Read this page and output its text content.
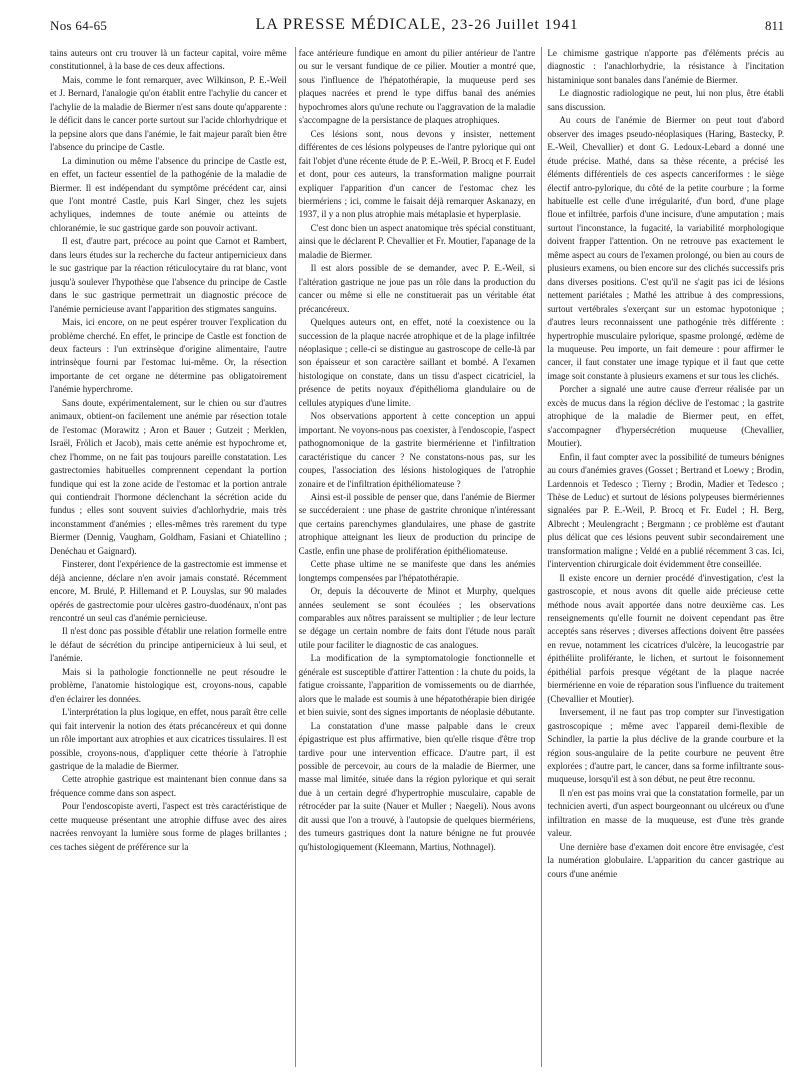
Nos 64-65	LA PRESSE MÉDICALE, 23-26 Juillet 1941	811

tains auteurs ont cru trouver là un facteur capital, voire même constitutionnel, à la base de ces deux affections.

Mais, comme le font remarquer, avec Wilkinson, P. E.-Weil et J. Bernard, l'analogie qu'on établit entre l'achylie du cancer et l'achylie de la maladie de Biermer n'est sans doute qu'apparente : le déficit dans le cancer porte surtout sur l'acide chlorhydrique et la pepsine alors que dans l'anémie, le fait majeur paraît bien être l'absence du principe de Castle.

La diminution ou même l'absence du principe de Castle est, en effet, un facteur essentiel de la pathogénie de la maladie de Biermer. Il est indépendant du symptôme précédent car, ainsi que l'ont montré Castle, puis Karl Singer, chez les sujets achyliques, indemnes de toute anémie ou atteints de chloranémie, le suc gastrique garde son pouvoir activant.

Il est, d'autre part, précoce au point que Carnot et Rambert, dans leurs études sur la recherche du facteur antipernicieux dans le suc gastrique par la réaction réticulocytaire du rat blanc, vont jusqu'à soulever l'hypothèse que l'absence du principe de Castle dans le suc gastrique permettrait un diagnostic précoce de l'anémie pernicieuse avant l'apparition des stigmates sanguins.

Mais, ici encore, on ne peut espérer trouver l'explication du problème cherché. En effet, le principe de Castle est fonction de deux facteurs : l'un extrinsèque d'origine alimentaire, l'autre intrinsèque fourni par l'estomac lui-même. Or, la résection importante de cet organe ne détermine pas obligatoirement l'anémie hyperchrome.

Sans doute, expérimentalement, sur le chien ou sur d'autres animaux, obtient-on facilement une anémie par résection totale de l'estomac (Morawitz ; Aron et Bauer ; Gutzeit ; Merklen, Israël, Frölich et Jacob), mais cette anémie est hypochrome et, chez l'homme, on ne fait pas toujours pareille constatation. Les gastrectomies habituelles comprennent cependant la portion fundique qui est la zone acide de l'estomac et la portion antrale qui contiendrait l'hormone déclenchant la sécrétion acide du fundus ; elles sont souvent suivies d'achlorhydrie, mais très inconstamment d'anémies ; elles-mêmes très rarement du type Biermer (Dennig, Vaugham, Goldham, Fasiani et Chiatellino ; Denéchau et Gaignard).

Finsterer, dont l'expérience de la gastrectomie est immense et déjà ancienne, déclare n'en avoir jamais constaté. Récemment encore, M. Brulé, P. Hillemand et P. Louyslas, sur 90 malades opérés de gastrectomie pour ulcères gastro-duodénaux, n'ont pas rencontré un seul cas d'anémie pernicieuse.

Il n'est donc pas possible d'établir une relation formelle entre le défaut de sécrétion du principe antipernicieux à lui seul, et l'anémie.

Mais si la pathologie fonctionnelle ne peut résoudre le problème, l'anatomie histologique est, croyons-nous, capable d'en éclairer les données.

L'interprétation la plus logique, en effet, nous paraît être celle qui fait intervenir la notion des états précancéreux et qui donne un rôle important aux atrophies et aux cicatrices tissulaires. Il est possible, croyons-nous, d'appliquer cette théorie à l'atrophie gastrique de la maladie de Biermer.

Cette atrophie gastrique est maintenant bien connue dans sa fréquence comme dans son aspect.

Pour l'endoscopiste averti, l'aspect est très caractéristique de cette muqueuse présentant une atrophie diffuse avec des aires nacrées renvoyant la lumière sous forme de plages brillantes ; ces taches siègent de préférence sur la

face antérieure fundique en amont du pilier antérieur de l'antre ou sur le versant fundique de ce pilier. Moutier a montré que, sous l'influence de l'hépatothérapie, la muqueuse perd ses plaques nacrées et prend le type diffus banal des anémies hypochromes alors qu'une rechute ou l'aggravation de la maladie s'accompagne de la persistance de plaques atrophiques.

Ces lésions sont, nous devons y insister, nettement différentes de ces lésions polypeuses de l'antre pylorique qui ont fait l'objet d'une récente étude de P. E.-Weil, P. Brocq et F. Eudel et dont, pour ces auteurs, la transformation maligne pourrait expliquer l'apparition d'un cancer de l'estomac chez les biermériens ; ici, comme le faisait déjà remarquer Askanazy, en 1937, il y a non plus atrophie mais métaplasie et hyperplasie.

C'est donc bien un aspect anatomique très spécial constituant, ainsi que le déclarent P. Chevallier et Fr. Moutier, l'apanage de la maladie de Biermer.

Il est alors possible de se demander, avec P. E.-Weil, si l'altération gastrique ne joue pas un rôle dans la production du cancer ou même si elle ne constituerait pas un véritable état précancéreux.

Quelques auteurs ont, en effet, noté la coexistence ou la succession de la plaque nacrée atrophique et de la plage infiltrée néoplasique ; celle-ci se distingue au gastroscope de celle-là par son épaisseur et son caractère saillant et bombé. A l'examen histologique on constate, dans un tissu d'aspect cicatriciel, la présence de petits noyaux d'épithélioma glandulaire ou de cellules atypiques d'une limite.

Nos observations apportent à cette conception un appui important. Ne voyons-nous pas coexister, à l'endoscopie, l'aspect pathognomonique de la gastrite biermérienne et l'infiltration caractéristique du cancer ? Ne constatons-nous pas, sur les coupes, l'association des lésions histologiques de l'atrophie zonaire et de l'infiltration épithéliomateuse ?

Ainsi est-il possible de penser que, dans l'anémie de Biermer se succéderaient : une phase de gastrite chronique n'intéressant que certains parenchymes glandulaires, une phase de gastrite atrophique atteignant les lieux de production du principe de Castle, enfin une phase de prolifération épithéliomateuse.

Cette phase ultime ne se manifeste que dans les anémies longtemps compensées par l'hépatothérapie.

Or, depuis la découverte de Minot et Murphy, quelques années seulement se sont écoulées ; les observations comparables aux nôtres paraissent se multiplier ; de leur lecture se dégage un certain nombre de faits dont l'étude nous paraît utile pour faciliter le diagnostic de cas analogues.

La modification de la symptomatologie fonctionnelle et générale est susceptible d'attirer l'attention : la chute du poids, la fatigue croissante, l'apparition de vomissements ou de diarrhée, alors que le malade est soumis à une hépatothérapie bien dirigée et bien suivie, sont des signes importants de néoplasie débutante.

La constatation d'une masse palpable dans le creux épigastrique est plus affirmative, bien qu'elle risque d'être trop tardive pour une intervention efficace. D'autre part, il est possible de percevoir, au cours de la maladie de Biermer, une masse mal limitée, située dans la région pylorique et qui serait due à un certain degré d'hypertrophie musculaire, capable de rétrocéder par la suite (Nauer et Muller ; Naegeli). Nous avons dit aussi que l'on a trouvé, à l'autopsie de quelques biermériens, des tumeurs gastriques dont la nature bénigne ne fut prouvée qu'histologiquement (Kleemann, Martius, Nothnagel).

Le chimisme gastrique n'apporte pas d'éléments précis au diagnostic : l'anachlorhydrie, la résistance à l'incitation histaminique sont banales dans l'anémie de Biermer.

Le diagnostic radiologique ne peut, lui non plus, être établi sans discussion.

Au cours de l'anémie de Biermer on peut tout d'abord observer des images pseudo-néoplasiques (Haring, Bastecky, P. E.-Weil, Chevallier) et dont G. Ledoux-Lebard a donné une étude précise. Mathé, dans sa thèse récente, a précisé les éléments différentiels de ces aspects canceriformes : le siège électif antro-pylorique, du côté de la petite courbure ; la forme habituelle est celle d'une irrégularité, d'un bord, d'une plage floue et infiltrée, parfois d'une incisure, d'une amputation ; mais surtout l'inconstance, la fugacité, la variabilité morphologique doivent frapper l'attention. On ne retrouve pas exactement le même aspect au cours de l'examen prolongé, ou bien au cours de plusieurs examens, ou bien encore sur des clichés successifs pris dans diverses positions. C'est qu'il ne s'agit pas ici de lésions nettement pariétales ; Mathé les attribue à des compressions, surtout vertébrales s'exerçant sur un estomac hypotonique ; d'autres leurs reconnaissent une pathogénie très différente : hypertrophie musculaire pylorique, spasme prolongé, œdème de la muqueuse. Peu importe, un fait demeure : pour affirmer le cancer, il faut constater une image typique et il faut que cette image soit constante à plusieurs examens et sur tous les clichés.

Porcher a signalé une autre cause d'erreur réalisée par un excès de mucus dans la région déclive de l'estomac ; la gastrite atrophique de la maladie de Biermer peut, en effet, s'accompagner d'hypersécrétion muqueuse (Chevallier, Moutier).

Enfin, il faut compter avec la possibilité de tumeurs bénignes au cours d'anémies graves (Gosset ; Bertrand et Loewy ; Brodin, Lardennois et Tedesco ; Tierny ; Brodin, Madier et Tedesco ; Thèse de Leduc) et surtout de lésions polypeuses biermériennes signalées par P. E.-Weil, P. Brocq et Fr. Eudel ; H. Berg, Albrecht ; Meulengracht ; Bergmann ; ce problème est d'autant plus délicat que ces lésions peuvent subir secondairement une transformation maligne ; Veldé en a publié récemment 3 cas. Ici, l'intervention chirurgicale doit évidemment être conseillée.

Il existe encore un dernier procédé d'investigation, c'est la gastroscopie, et nous avons dit quelle aide précieuse cette méthode nous avait apportée dans notre deuxième cas. Les renseignements qu'elle fournit ne doivent cependant pas être acceptés sans réserves ; diverses affections doivent être passées en revue, notamment les cicatrices d'ulcère, la leucogastrie par épithéliite proliférante, le lichen, et surtout le foisonnement épithélial parfois presque végétant de la plaque nacrée biermérienne en voie de réparation sous l'influence du traitement (Chevallier et Moutier).

Inversement, il ne faut pas trop compter sur l'investigation gastroscopique ; même avec l'appareil demi-flexible de Schindler, la partie la plus déclive de la grande courbure et la région sous-angulaire de la petite courbure ne peuvent être explorées ; d'autre part, le cancer, dans sa forme infiltrante sous-muqueuse, lorsqu'il est à son début, ne peut être reconnu.

Il n'en est pas moins vrai que la constatation formelle, par un technicien averti, d'un aspect bourgeonnant ou ulcéreux ou d'une infiltration en masse de la muqueuse, est d'une très grande valeur.

Une dernière base d'examen doit encore être envisagée, c'est la numération globulaire. L'apparition du cancer gastrique au cours d'une anémie
